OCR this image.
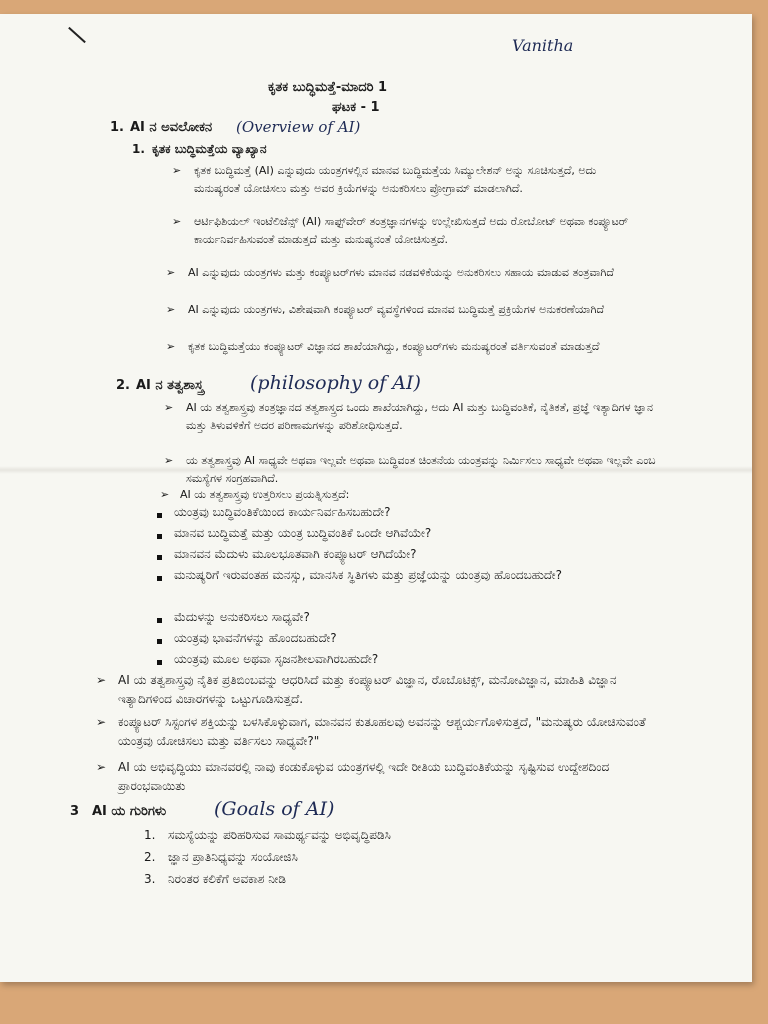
Vanitha
ಕೃತಕ ಬುದ್ಧಿಮತ್ತೆ-ಮಾದರಿ 1
ಘಟಕ - 1
1. AI ನ ಅವಲೋಕನ (Overview of AI)
1. ಕೃತಕ ಬುದ್ಧಿಮತ್ತೆಯ ವ್ಯಾಖ್ಯಾನ
➢ ಕೃತಕ ಬುದ್ಧಿಮತ್ತೆ (AI) ಎನ್ನುವುದು ಯಂತ್ರಗಳಲ್ಲಿನ ಮಾನವ ಬುದ್ಧಿಮತ್ತೆಯ ಸಿಮ್ಯುಲೇಶನ್ ಅನ್ನು ಸೂಚಿಸುತ್ತದೆ, ಅದು ಮನುಷ್ಯರಂತೆ ಯೋಚಿಸಲು ಮತ್ತು ಅವರ ಕ್ರಿಯೆಗಳನ್ನು ಅನುಕರಿಸಲು ಪ್ರೋಗ್ರಾಮ್ ಮಾಡಲಾಗಿದೆ.
➢ ಆರ್ಟಿಫಿಶಿಯಲ್ ಇಂಟೆಲಿಜೆನ್ಸ್ (AI) ಸಾಫ್ಟ್‌ವೇರ್ ತಂತ್ರಜ್ಞಾನಗಳನ್ನು ಉಲ್ಲೇಖಿಸುತ್ತದೆ ಅದು ರೋಬೋಟ್ ಅಥವಾ ಕಂಪ್ಯೂಟರ್ ಕಾರ್ಯನಿರ್ವಹಿಸುವಂತೆ ಮಾಡುತ್ತದೆ ಮತ್ತು ಮನುಷ್ಯನಂತೆ ಯೋಚಿಸುತ್ತದೆ.
➢ AI ಎನ್ನುವುದು ಯಂತ್ರಗಳು ಮತ್ತು ಕಂಪ್ಯೂಟರ್‌ಗಳು ಮಾನವ ನಡವಳಿಕೆಯನ್ನು ಅನುಕರಿಸಲು ಸಹಾಯ ಮಾಡುವ ತಂತ್ರವಾಗಿದೆ
➢ AI ಎನ್ನುವುದು ಯಂತ್ರಗಳು, ವಿಶೇಷವಾಗಿ ಕಂಪ್ಯೂಟರ್ ವ್ಯವಸ್ಥೆಗಳಿಂದ ಮಾನವ ಬುದ್ಧಿಮತ್ತೆ ಪ್ರಕ್ರಿಯೆಗಳ ಅನುಕರಣೆಯಾಗಿದೆ
➢ ಕೃತಕ ಬುದ್ಧಿಮತ್ತೆಯು ಕಂಪ್ಯೂಟರ್ ವಿಜ್ಞಾನದ ಶಾಖೆಯಾಗಿದ್ದು, ಕಂಪ್ಯೂಟರ್‌ಗಳು ಮನುಷ್ಯರಂತೆ ವರ್ತಿಸುವಂತೆ ಮಾಡುತ್ತದೆ
2. AI ನ ತತ್ವಶಾಸ್ತ್ರ (philosophy of AI)
➢ AI ಯ ತತ್ವಶಾಸ್ತ್ರವು ತಂತ್ರಜ್ಞಾನದ ತತ್ವಶಾಸ್ತ್ರದ ಒಂದು ಶಾಖೆಯಾಗಿದ್ದು, ಅದು AI ಮತ್ತು ಬುದ್ಧಿವಂತಿಕೆ, ನೈತಿಕತೆ, ಪ್ರಜ್ಞೆ ಇತ್ಯಾದಿಗಳ ಜ್ಞಾನ ಮತ್ತು ತಿಳುವಳಿಕೆಗೆ ಅದರ ಪರಿಣಾಮಗಳನ್ನು ಪರಿಶೋಧಿಸುತ್ತದೆ.
➢ ಯ ತತ್ವಶಾಸ್ತ್ರವು AI ಸಾಧ್ಯವೇ ಅಥವಾ ಇಲ್ಲವೇ ಅಥವಾ ಬುದ್ಧಿವಂತ ಚಿಂತನೆಯ ಯಂತ್ರವನ್ನು ನಿರ್ಮಿಸಲು ಸಾಧ್ಯವೇ ಅಥವಾ ಇಲ್ಲವೇ ಎಂಬ ಸಮಸ್ಯೆಗಳ ಸಂಗ್ರಹವಾಗಿದೆ.
➢ AI ಯ ತತ್ವಶಾಸ್ತ್ರವು ಉತ್ತರಿಸಲು ಪ್ರಯತ್ನಿಸುತ್ತದೆ:
ಯಂತ್ರವು ಬುದ್ಧಿವಂತಿಕೆಯಿಂದ ಕಾರ್ಯನಿರ್ವಹಿಸಬಹುದೇ?
ಮಾನವ ಬುದ್ಧಿಮತ್ತೆ ಮತ್ತು ಯಂತ್ರ ಬುದ್ಧಿವಂತಿಕೆ ಒಂದೇ ಆಗಿವೆಯೇ?
ಮಾನವನ ಮೆದುಳು ಮೂಲಭೂತವಾಗಿ ಕಂಪ್ಯೂಟರ್ ಆಗಿದೆಯೇ?
ಮನುಷ್ಯರಿಗೆ ಇರುವಂತಹ ಮನಸ್ಸು, ಮಾನಸಿಕ ಸ್ಥಿತಿಗಳು ಮತ್ತು ಪ್ರಜ್ಞೆಯನ್ನು ಯಂತ್ರವು ಹೊಂದಬಹುದೇ?
ಮೆದುಳನ್ನು ಅನುಕರಿಸಲು ಸಾಧ್ಯವೇ?
ಯಂತ್ರವು ಭಾವನೆಗಳನ್ನು ಹೊಂದಬಹುದೇ?
ಯಂತ್ರವು ಮೂಲ ಅಥವಾ ಸೃಜನಶೀಲವಾಗಿರಬಹುದೇ?
➢ AI ಯ ತತ್ವಶಾಸ್ತ್ರವು ನೈತಿಕ ಪ್ರತಿಬಿಂಬವನ್ನು ಆಧರಿಸಿದೆ ಮತ್ತು ಕಂಪ್ಯೂಟರ್ ವಿಜ್ಞಾನ, ರೊಬೊಟಿಕ್ಸ್, ಮನೋವಿಜ್ಞಾನ, ಮಾಹಿತಿ ವಿಜ್ಞಾನ ಇತ್ಯಾದಿಗಳಿಂದ ವಿಚಾರಗಳನ್ನು ಒಟ್ಟುಗೂಡಿಸುತ್ತದೆ.
➢ ಕಂಪ್ಯೂಟರ್ ಸಿಸ್ಟಂಗಳ ಶಕ್ತಿಯನ್ನು ಬಳಸಿಕೊಳ್ಳುವಾಗ, ಮಾನವನ ಕುತೂಹಲವು ಅವನನ್ನು ಆಶ್ಚರ್ಯಗೊಳಿಸುತ್ತದೆ, "ಮನುಷ್ಯರು ಯೋಚಿಸುವಂತೆ ಯಂತ್ರವು ಯೋಚಿಸಲು ಮತ್ತು ವರ್ತಿಸಲು ಸಾಧ್ಯವೇ?"
➢ AI ಯ ಅಭಿವೃದ್ಧಿಯು ಮಾನವರಲ್ಲಿ ನಾವು ಕಂಡುಕೊಳ್ಳುವ ಯಂತ್ರಗಳಲ್ಲಿ ಇದೇ ರೀತಿಯ ಬುದ್ಧಿವಂತಿಕೆಯನ್ನು ಸೃಷ್ಟಿಸುವ ಉದ್ದೇಶದಿಂದ ಪ್ರಾರಂಭವಾಯಿತು
3 AI ಯ ಗುರಿಗಳು	(Goals of AI)
1. ಸಮಸ್ಯೆಯನ್ನು ಪರಿಹರಿಸುವ ಸಾಮರ್ಥ್ಯವನ್ನು ಅಭಿವೃದ್ಧಿಪಡಿಸಿ
2. ಜ್ಞಾನ ಪ್ರಾತಿನಿಧ್ಯವನ್ನು ಸಂಯೋಜಿಸಿ
3. ನಿರಂತರ ಕಲಿಕೆಗೆ ಅವಕಾಶ ನೀಡಿ
